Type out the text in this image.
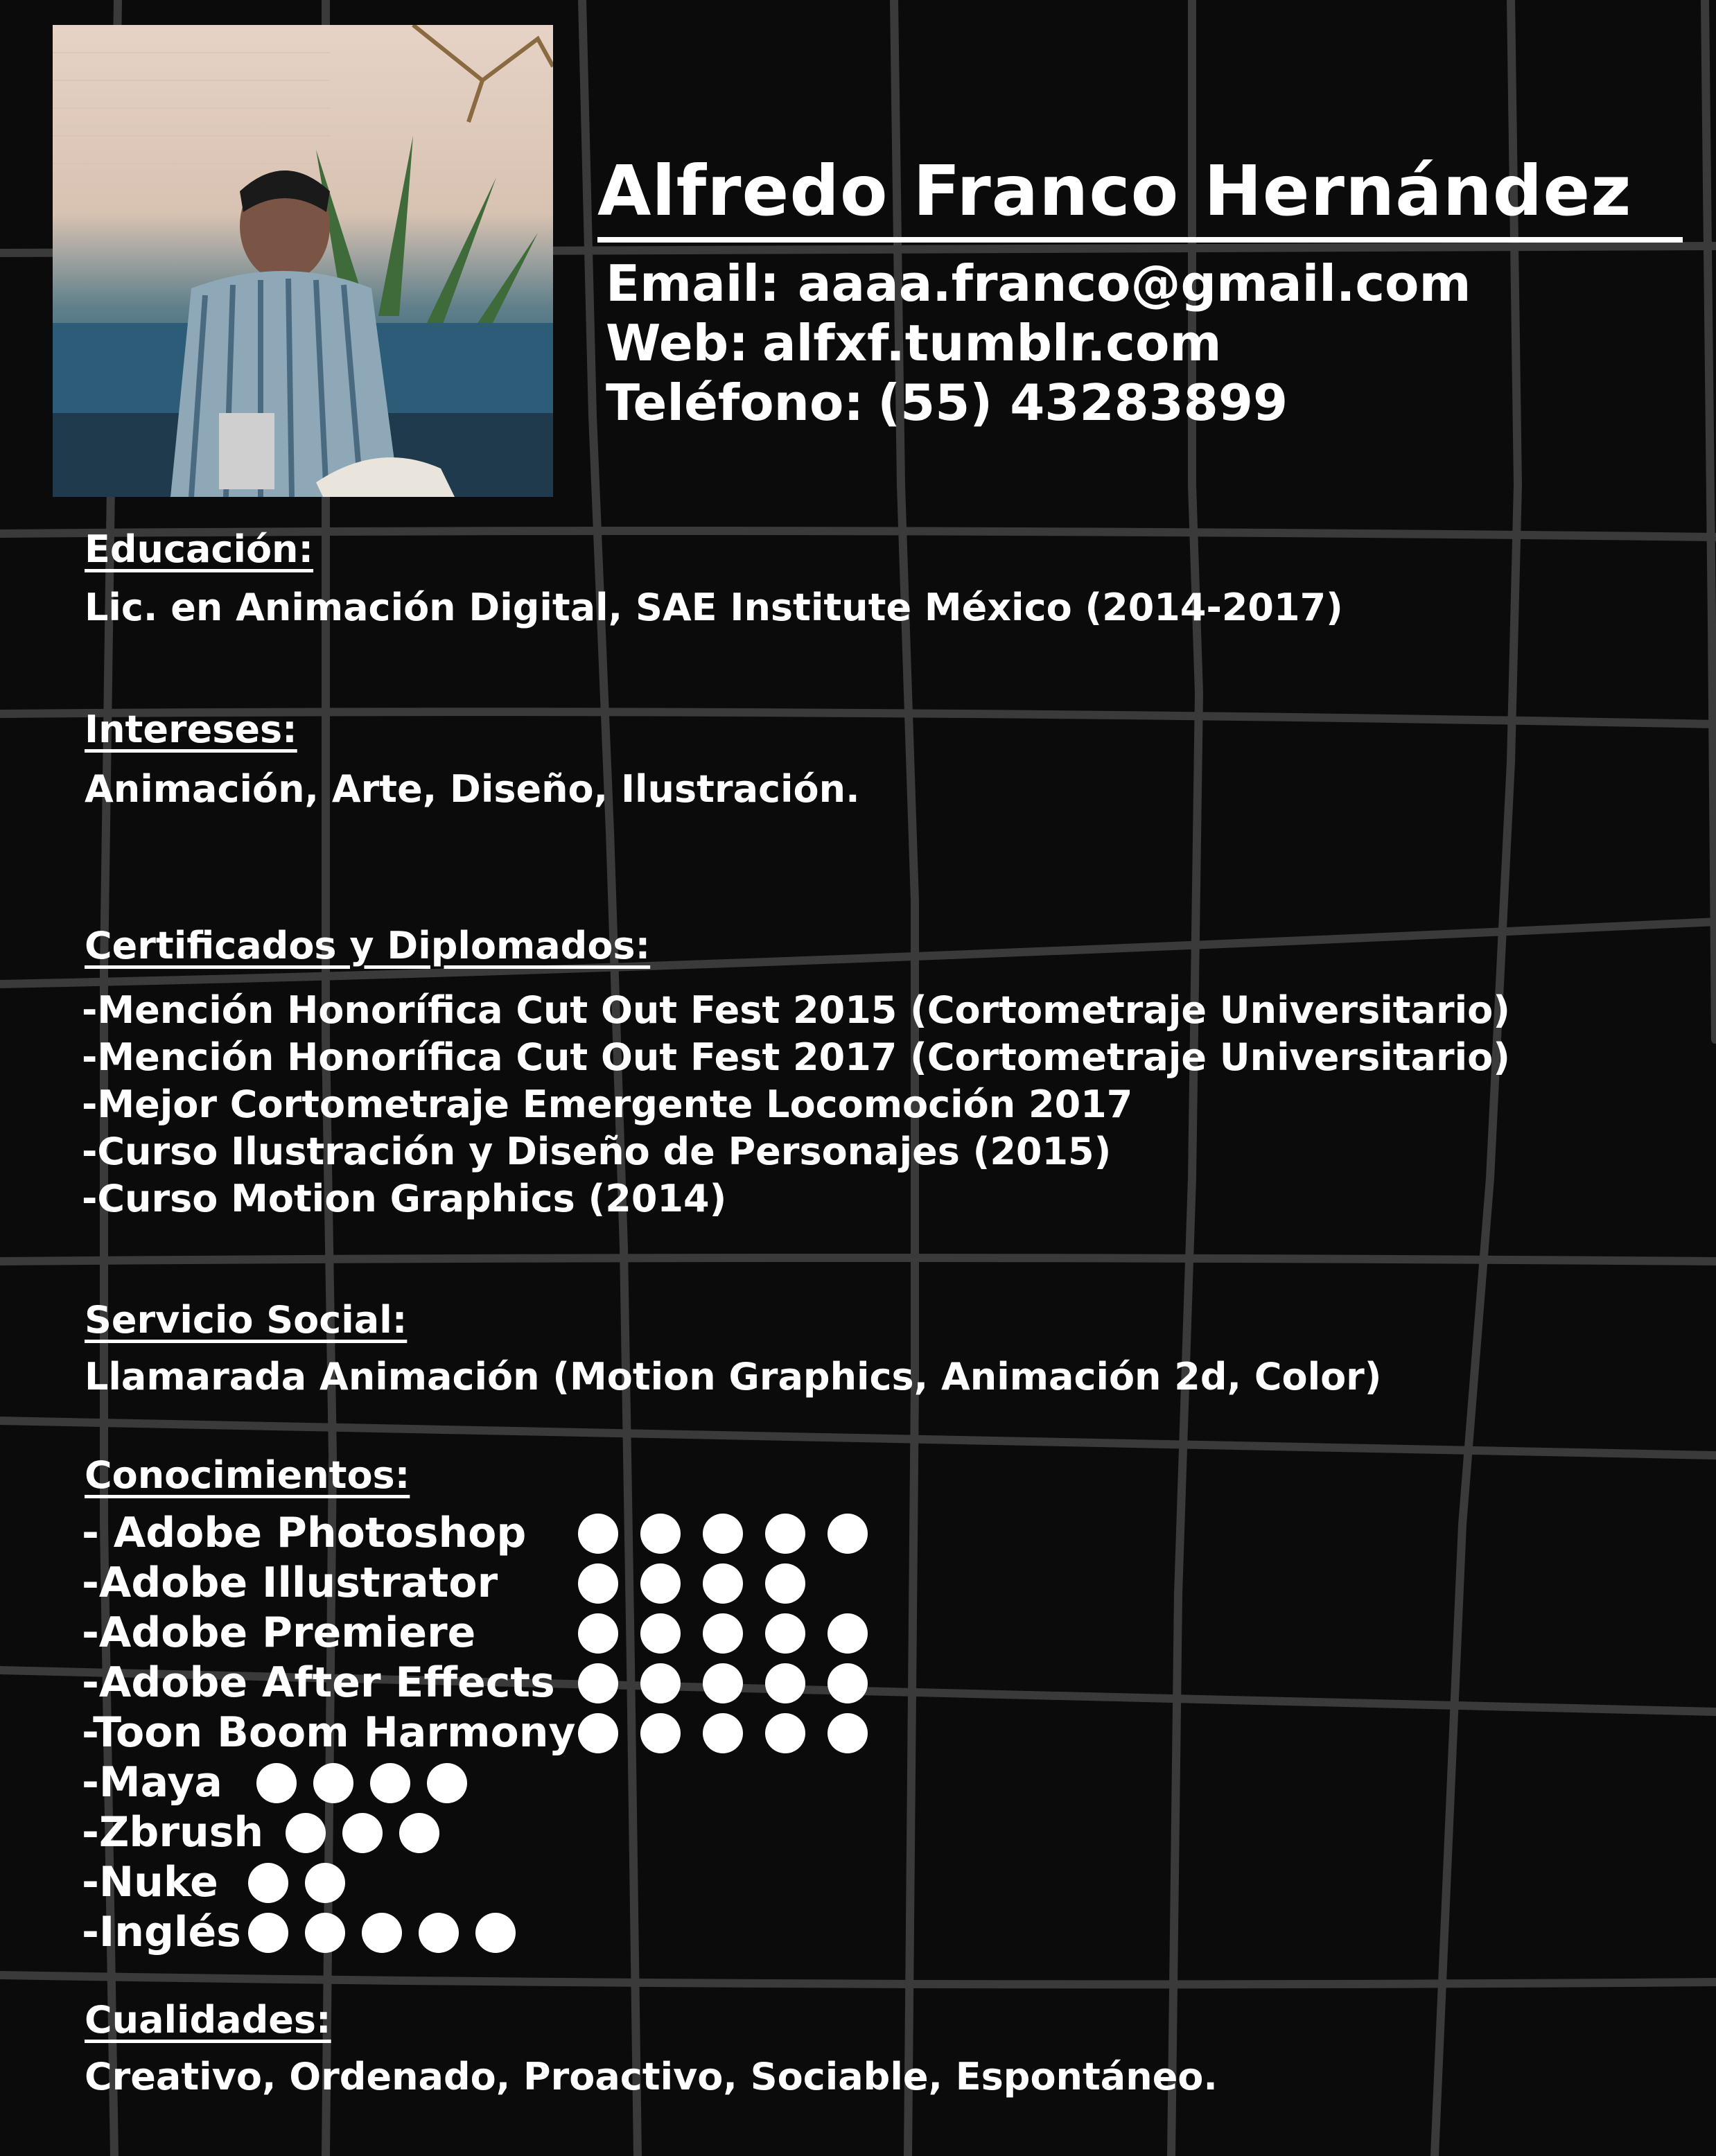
Alfredo Franco Hernández
Email: aaaa.franco@gmail.com
Web: alfxf.tumblr.com
Teléfono: (55) 43283899
Educación:
Lic. en Animación Digital, SAE Institute México (2014-2017)
Intereses:
Animación, Arte, Diseño, Ilustración.
Certificados y Diplomados:
-Mención Honorífica Cut Out Fest 2015 (Cortometraje Universitario)
-Mención Honorífica Cut Out Fest 2017 (Cortometraje Universitario)
-Mejor Cortometraje Emergente Locomoción 2017
-Curso Ilustración y Diseño de Personajes (2015)
-Curso Motion Graphics (2014)
Servicio Social:
Llamarada Animación (Motion Graphics, Animación 2d, Color)
Conocimientos:
- Adobe Photoshop
-Adobe Illustrator
-Adobe Premiere
-Adobe After Effects
-Toon Boom Harmony
-Maya
-Zbrush
-Nuke
-Inglés
Cualidades:
Creativo, Ordenado, Proactivo, Sociable, Espontáneo.
